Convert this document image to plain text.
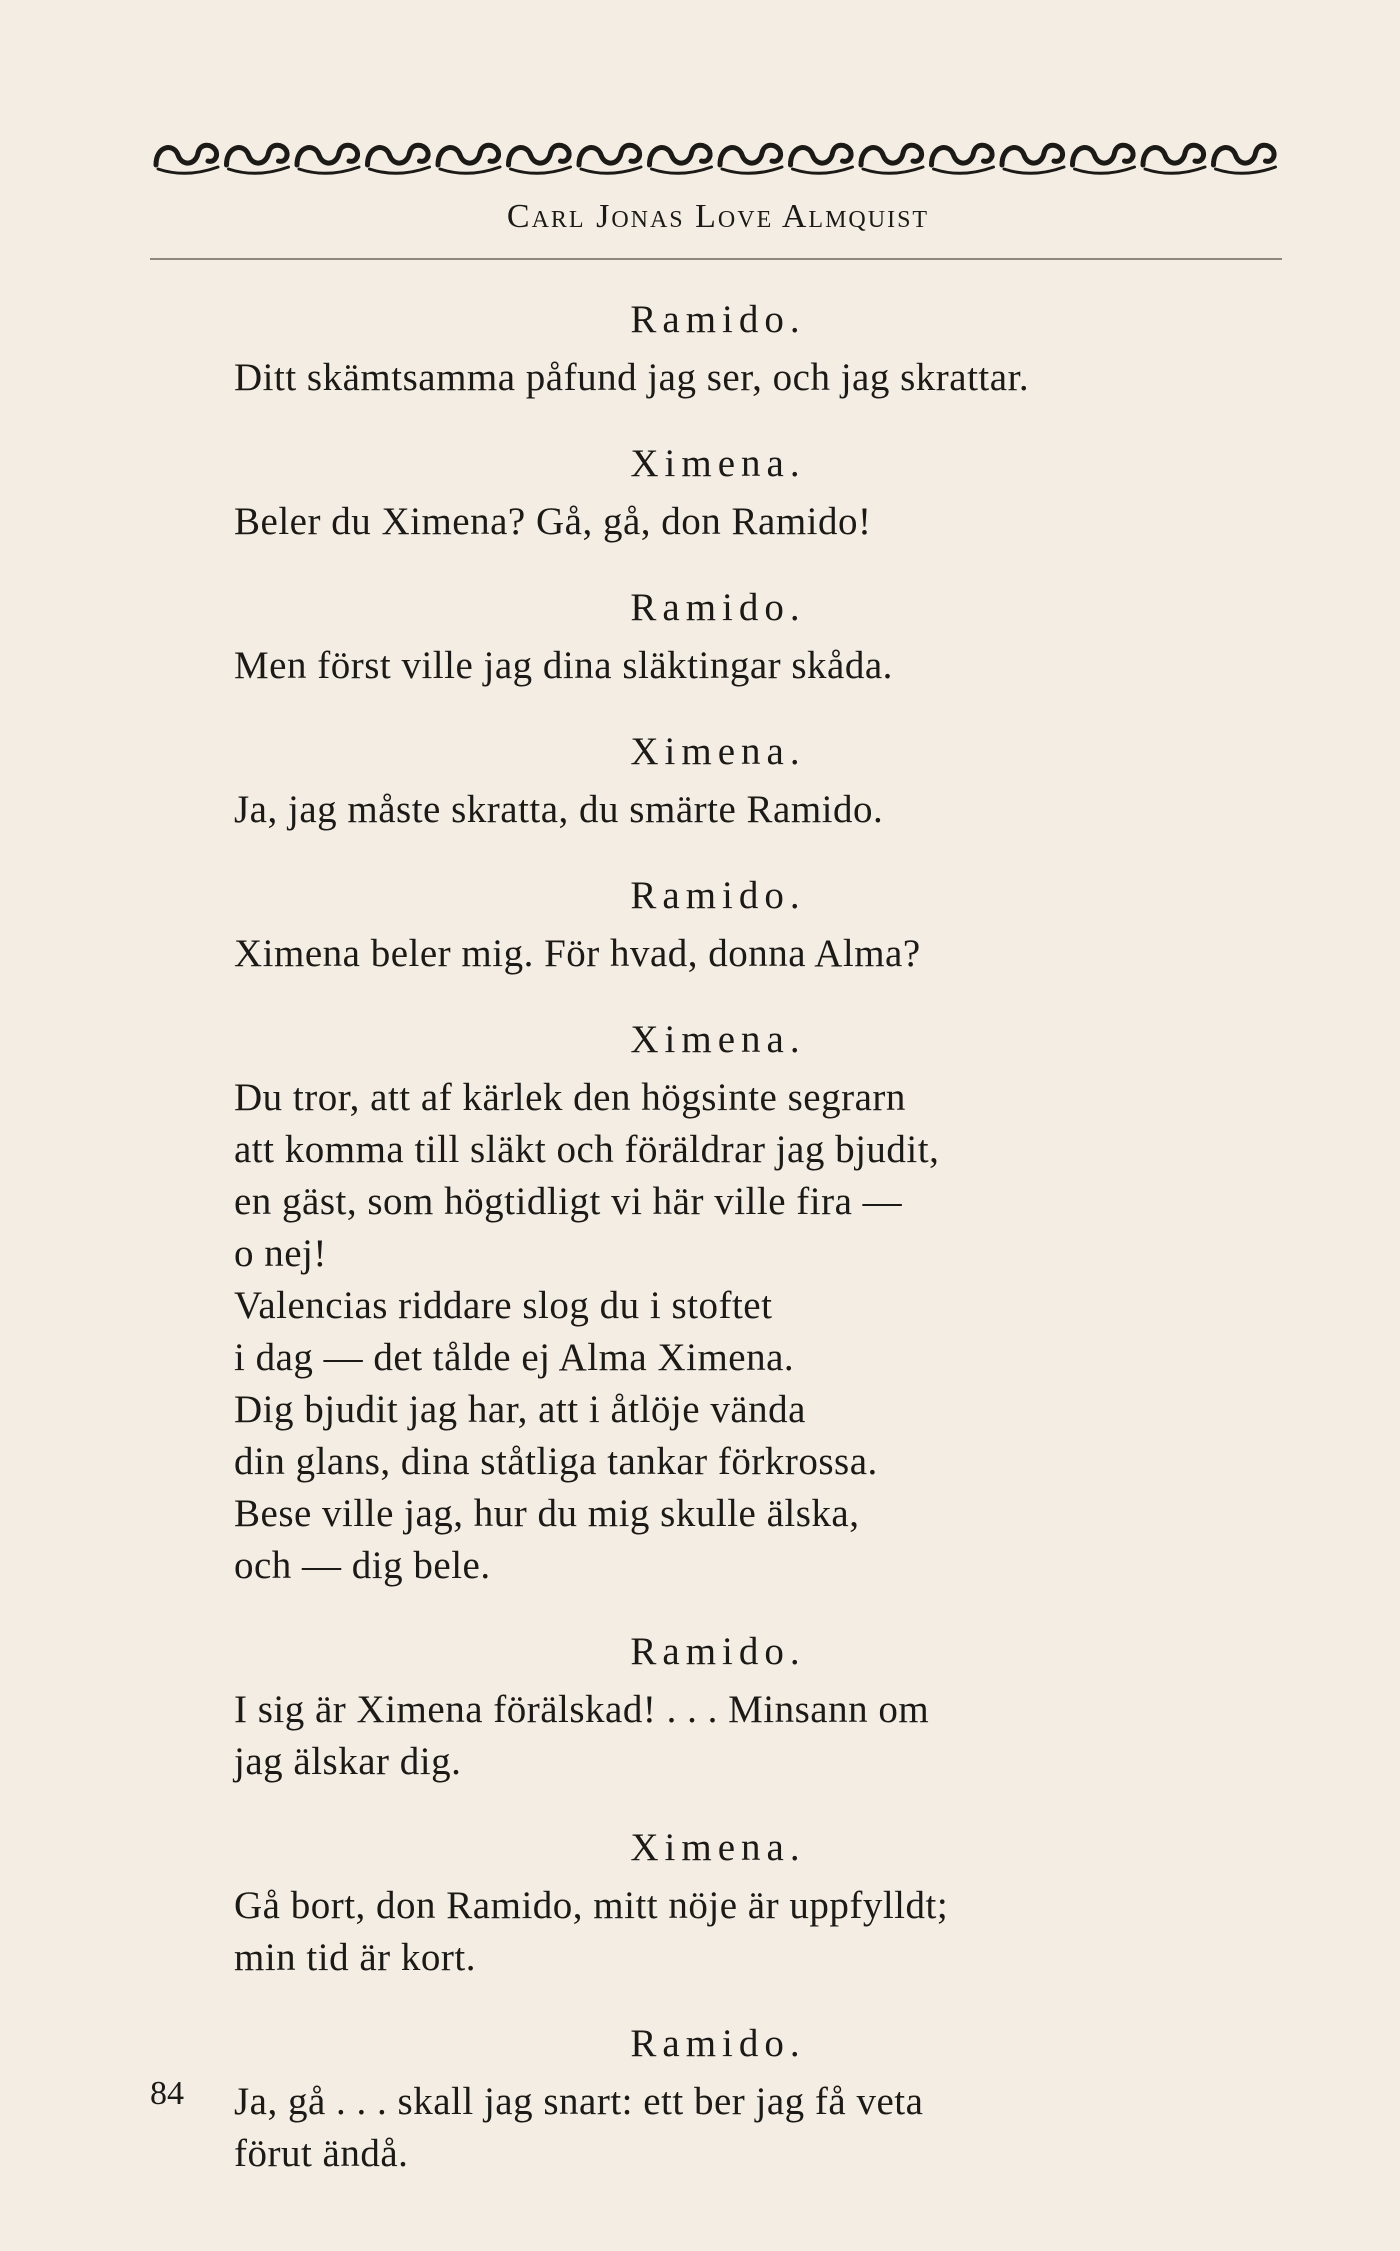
Carl Jonas Love Almquist
Ramido.
Ditt skämtsamma påfund jag ser, och jag skrattar.
Ximena.
Beler du Ximena? Gå, gå, don Ramido!
Ramido.
Men först ville jag dina släktingar skåda.
Ximena.
Ja, jag måste skratta, du smärte Ramido.
Ramido.
Ximena beler mig. För hvad, donna Alma?
Ximena.
Du tror, att af kärlek den högsinte segrarn
att komma till släkt och föräldrar jag bjudit,
en gäst, som högtidligt vi här ville fira —
o nej!
Valencias riddare slog du i stoftet
i dag — det tålde ej Alma Ximena.
Dig bjudit jag har, att i åtlöje vända
din glans, dina ståtliga tankar förkrossa.
Bese ville jag, hur du mig skulle älska,
och — dig bele.
Ramido.
I sig är Ximena förälskad! . . . Minsann om
jag älskar dig.
Ximena.
Gå bort, don Ramido, mitt nöje är uppfylldt;
min tid är kort.
Ramido.
Ja, gå . . . skall jag snart: ett ber jag få veta
förut ändå.
84
